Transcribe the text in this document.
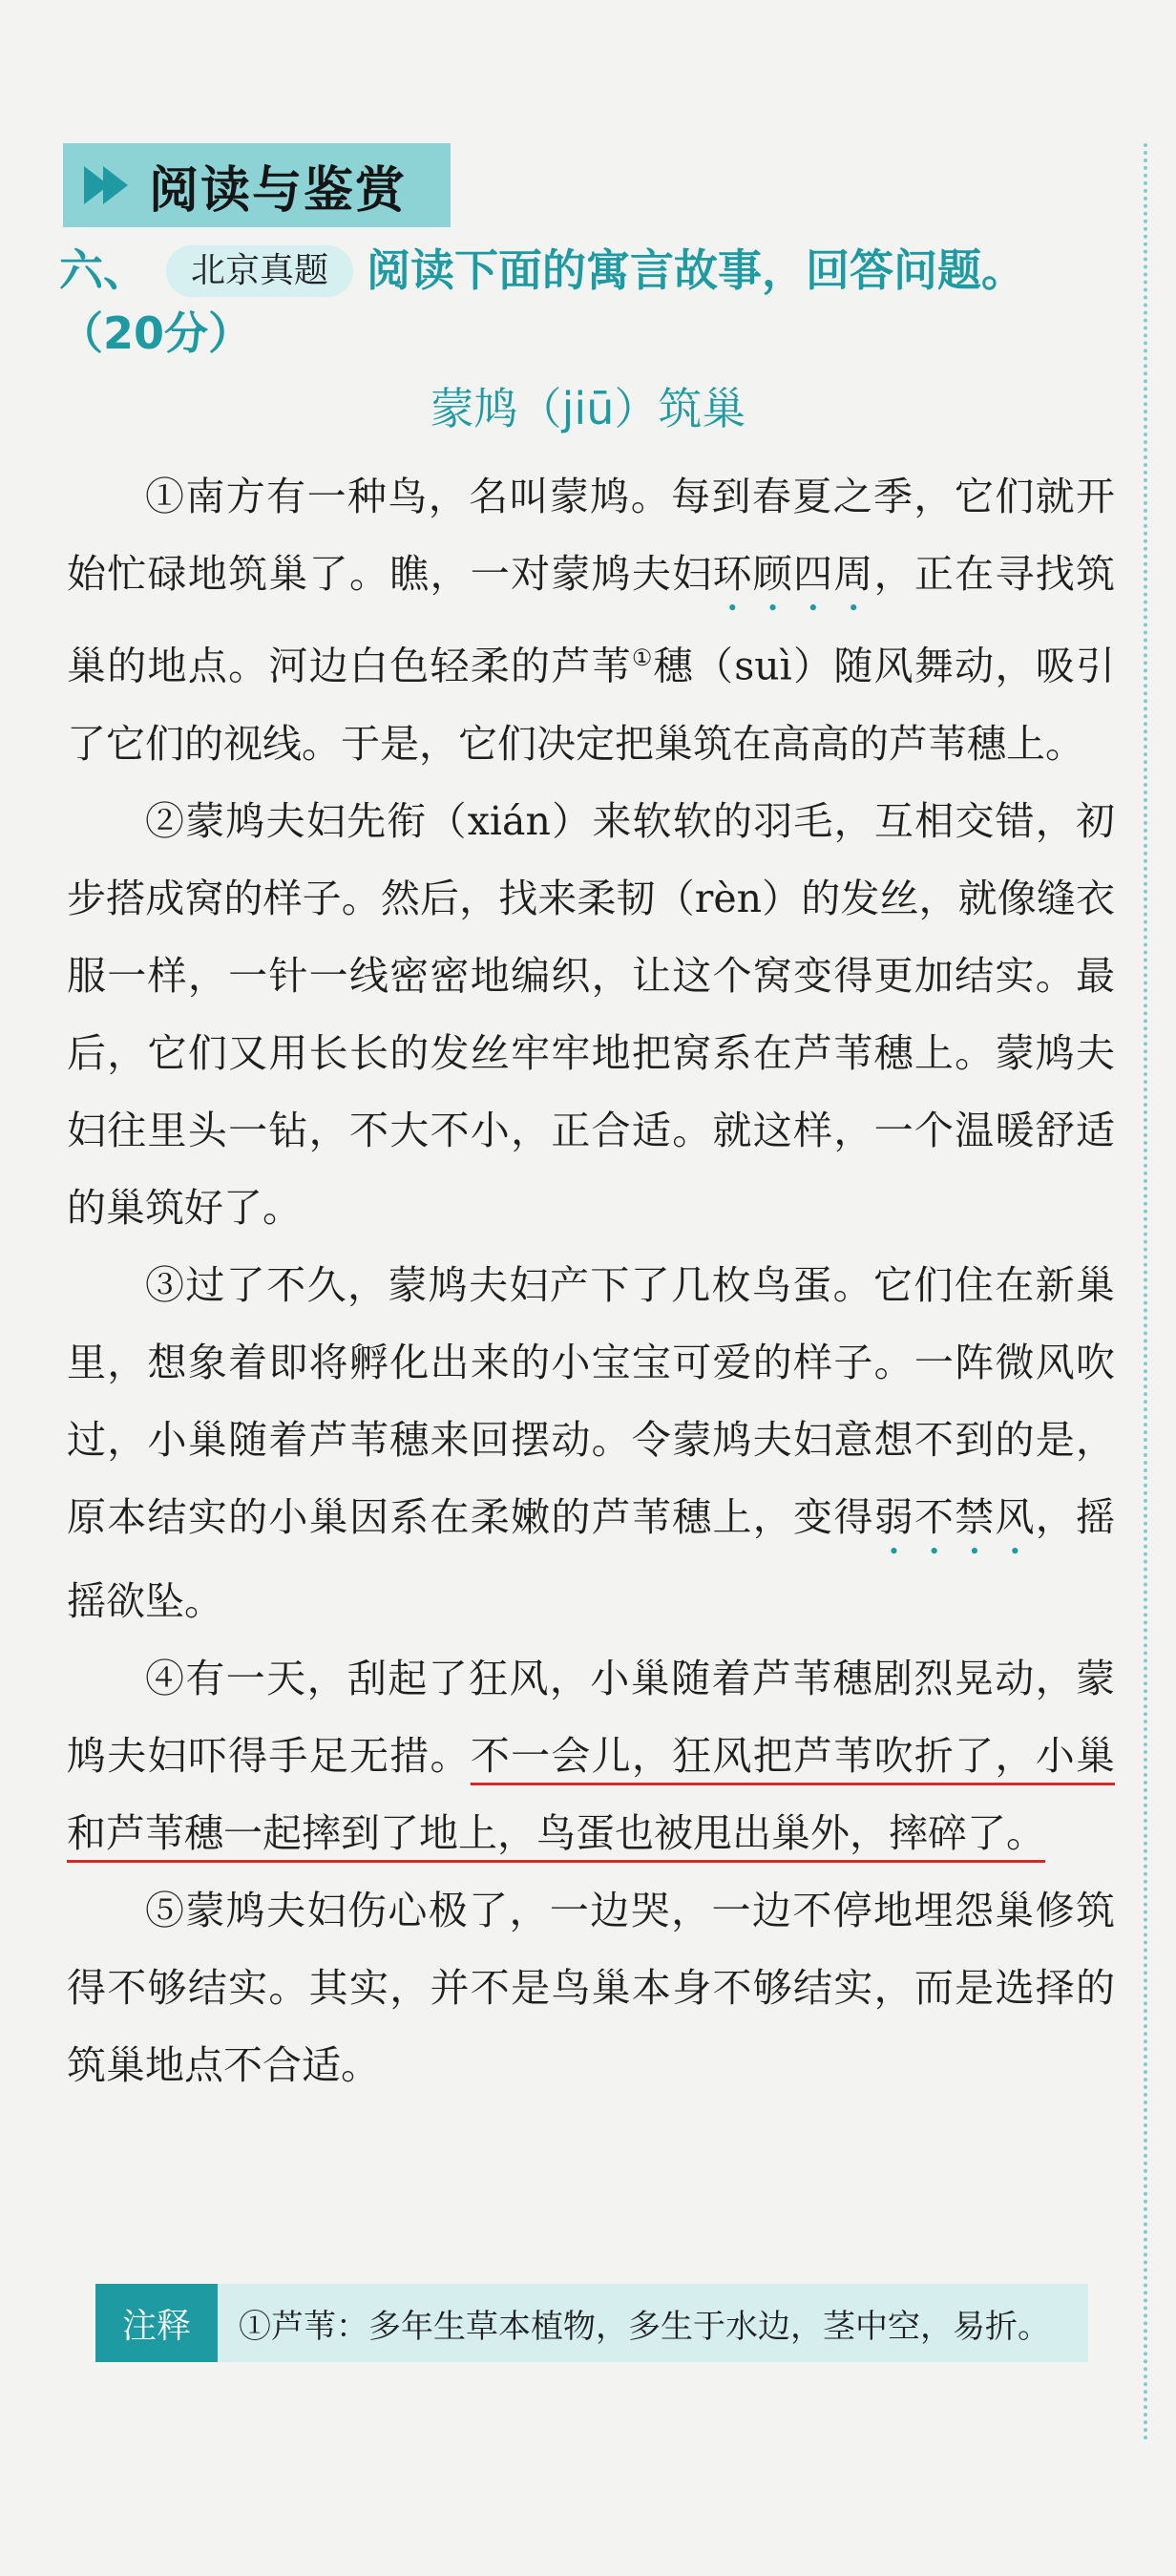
阅读与鉴赏
六、 北京真题 阅读下面的寓言故事，回答问题。
（20分）
蒙鸠（jiū）筑巢

①南方有一种鸟，名叫蒙鸠。每到春夏之季，它们就开始忙碌地筑巢了。瞧，一对蒙鸠夫妇环顾四周，正在寻找筑巢的地点。河边白色轻柔的芦苇①穗（suì）随风舞动，吸引了它们的视线。于是，它们决定把巢筑在高高的芦苇穗上。

②蒙鸠夫妇先衔（xián）来软软的羽毛，互相交错，初步搭成窝的样子。然后，找来柔韧（rèn）的发丝，就像缝衣服一样，一针一线密密地编织，让这个窝变得更加结实。最后，它们又用长长的发丝牢牢地把窝系在芦苇穗上。蒙鸠夫妇往里头一钻，不大不小，正合适。就这样，一个温暖舒适的巢筑好了。

③过了不久，蒙鸠夫妇产下了几枚鸟蛋。它们住在新巢里，想象着即将孵化出来的小宝宝可爱的样子。一阵微风吹过，小巢随着芦苇穗来回摆动。令蒙鸠夫妇意想不到的是，原本结实的小巢因系在柔嫩的芦苇穗上，变得弱不禁风，摇摇欲坠。

④有一天，刮起了狂风，小巢随着芦苇穗剧烈晃动，蒙鸠夫妇吓得手足无措。不一会儿，狂风把芦苇吹折了，小巢和芦苇穗一起摔到了地上，鸟蛋也被甩出巢外，摔碎了。

⑤蒙鸠夫妇伤心极了，一边哭，一边不停地埋怨巢修筑得不够结实。其实，并不是鸟巢本身不够结实，而是选择的筑巢地点不合适。

注释	①芦苇：多年生草本植物，多生于水边，茎中空，易折。
